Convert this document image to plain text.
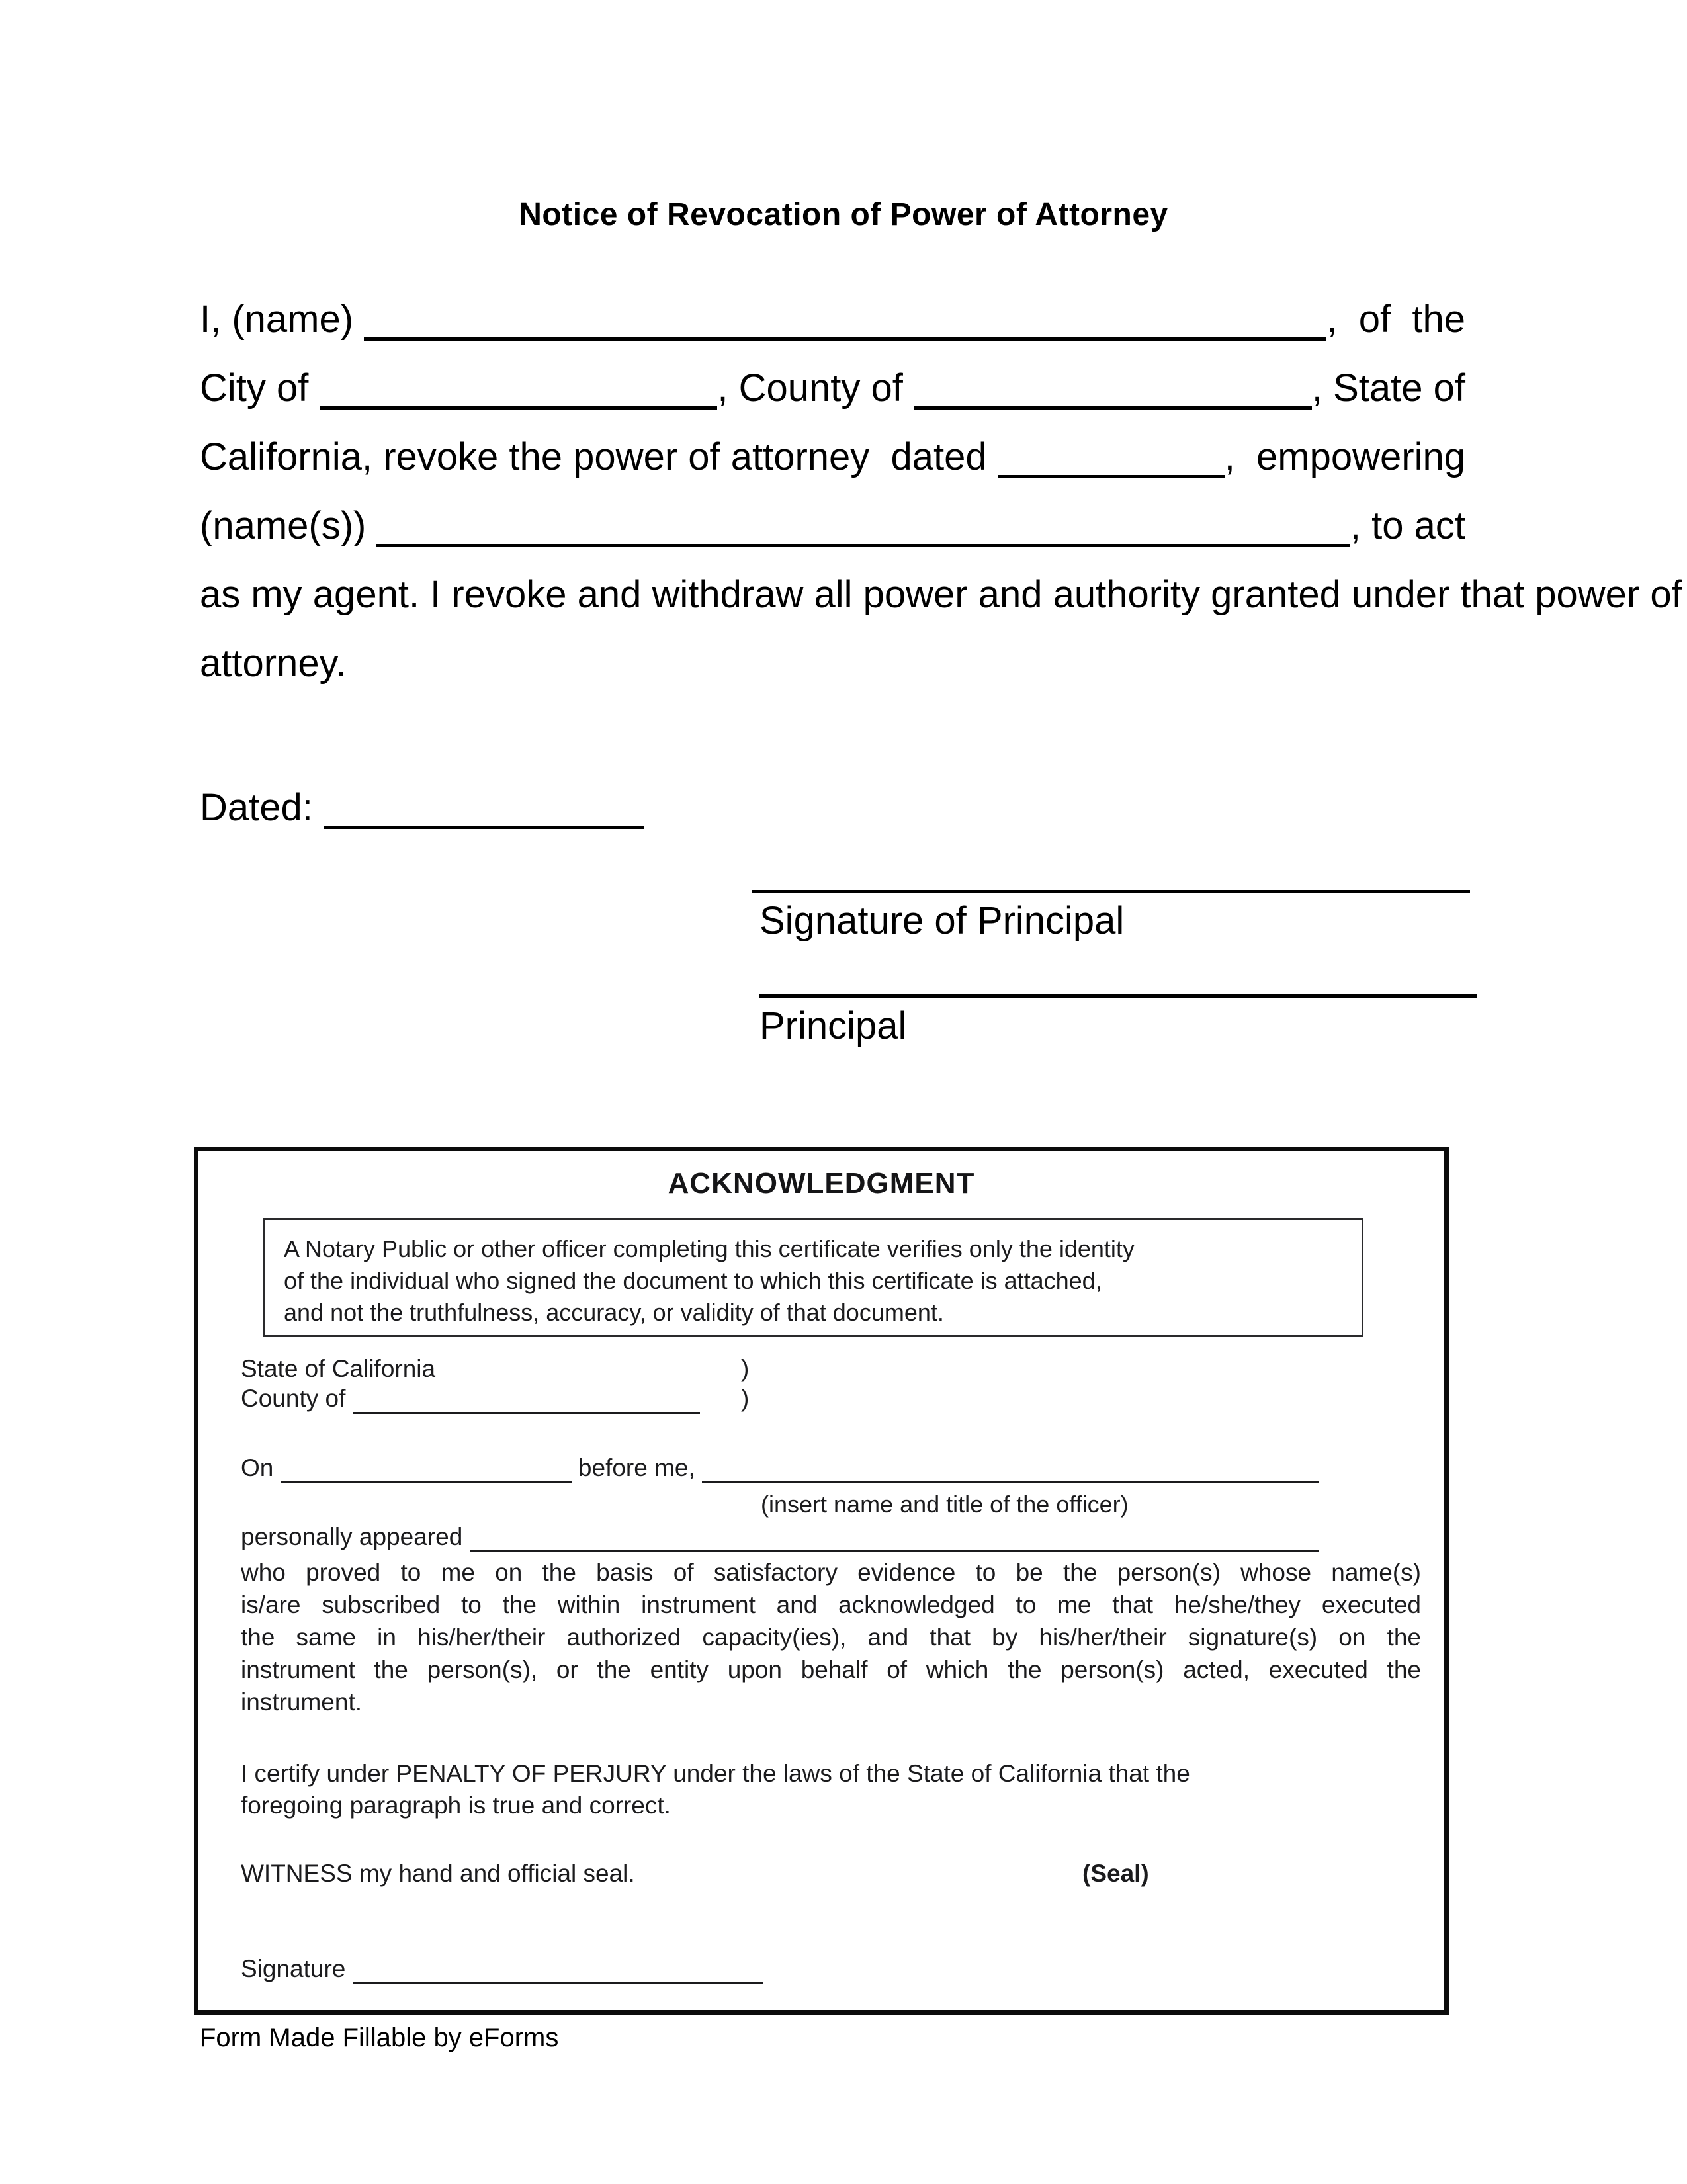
Notice of Revocation of Power of Attorney
I, (name)	,  of  the
City of	, County of	, State of
California, revoke the power of attorney  dated	,  empowering
(name(s))	, to act
as my agent. I revoke and withdraw all power and authority granted under that power of
attorney.
Dated:
Signature of Principal
Principal
ACKNOWLEDGMENT
A Notary Public or other officer completing this certificate verifies only the identity
of the individual who signed the document to which this certificate is attached,
and not the truthfulness, accuracy, or validity of that document.
State of California	)
County of	)
On	before me,
(insert name and title of the officer)
personally appeared
who proved to me on the basis of satisfactory evidence to be the person(s) whose name(s)
is/are subscribed to the within instrument and acknowledged to me that he/she/they executed
the same in his/her/their authorized capacity(ies), and that by his/her/their signature(s) on the
instrument the person(s), or the entity upon behalf of which the person(s) acted, executed the
instrument.
I certify under PENALTY OF PERJURY under the laws of the State of California that the
foregoing paragraph is true and correct.
WITNESS my hand and official seal.	(Seal)
Signature
Form Made Fillable by eForms
